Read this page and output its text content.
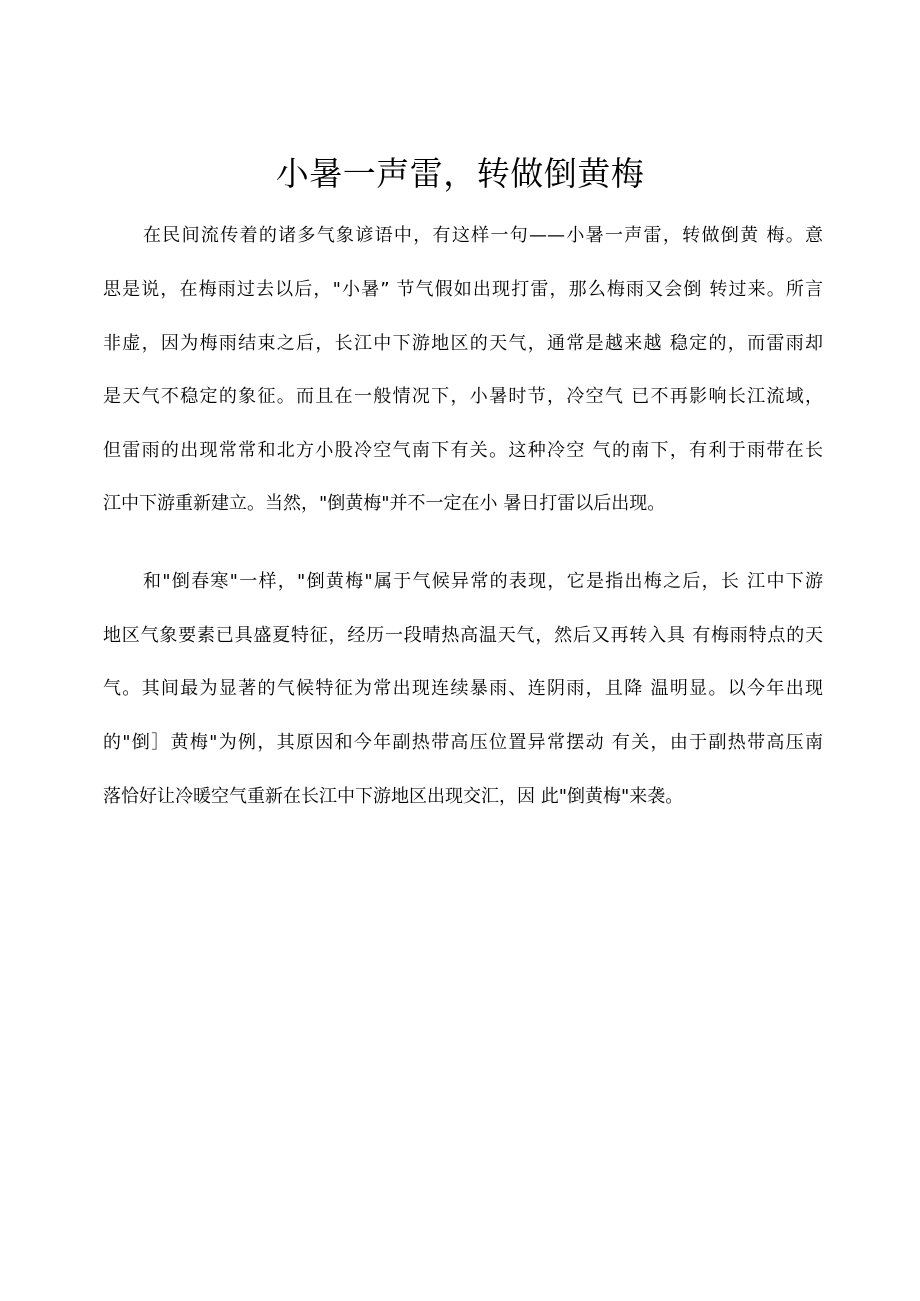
小暑一声雷，转做倒黄梅

在民间流传着的诸多气象谚语中，有这样一句——小暑一声雷，转做倒黄 梅。意

思是说，在梅雨过去以后，"小暑” 节气假如出现打雷，那么梅雨又会倒 转过来。所言

非虚，因为梅雨结束之后，长江中下游地区的天气，通常是越来越 稳定的，而雷雨却

是天气不稳定的象征。而且在一般情况下，小暑时节，冷空气 已不再影响长江流域，

但雷雨的出现常常和北方小股冷空气南下有关。这种冷空 气的南下，有利于雨带在长

江中下游重新建立。当然，"倒黄梅"并不一定在小 暑日打雷以后出现。

和"倒春寒"一样，"倒黄梅"属于气候异常的表现，它是指出梅之后，长 江中下游

地区气象要素已具盛夏特征，经历一段晴热高温天气，然后又再转入具 有梅雨特点的天

气。其间最为显著的气候特征为常出现连续暴雨、连阴雨，且降 温明显。以今年出现

的"倒］黄梅"为例，其原因和今年副热带高压位置异常摆动 有关，由于副热带高压南

落恰好让冷暖空气重新在长江中下游地区出现交汇，因 此"倒黄梅"来袭。
